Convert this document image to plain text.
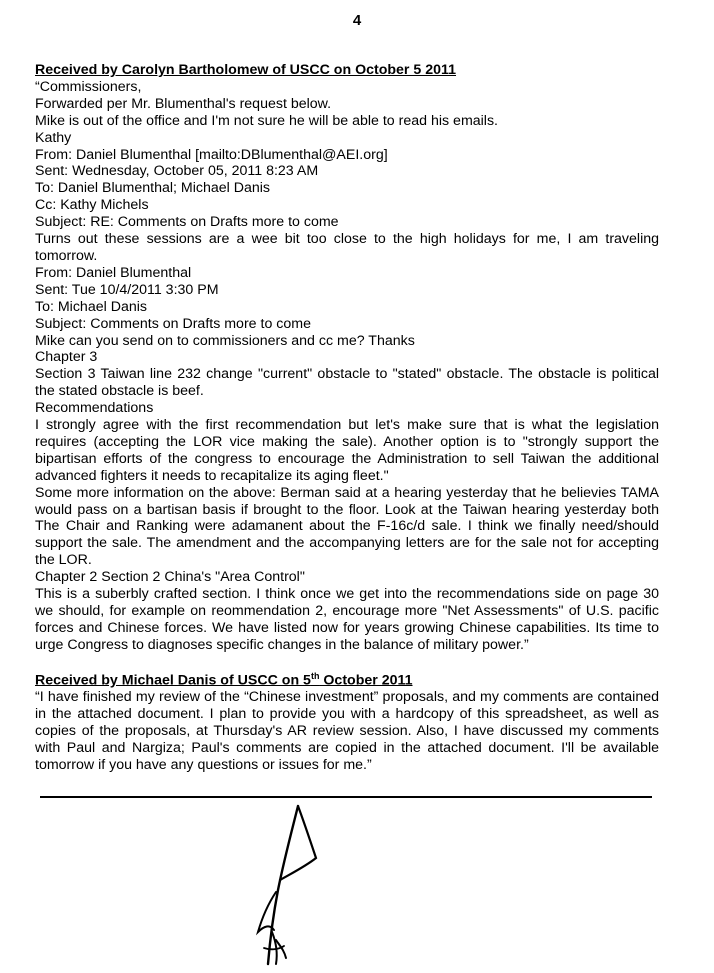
4

Received by Carolyn Bartholomew of USCC on October 5 2011

“Commissioners,

Forwarded per Mr. Blumenthal's request below.

Mike is out of the office and I'm not sure he will be able to read his emails.

Kathy

From: Daniel Blumenthal [mailto:DBlumenthal@AEI.org]

Sent: Wednesday, October 05, 2011 8:23 AM

To: Daniel Blumenthal; Michael Danis

Cc: Kathy Michels

Subject: RE: Comments on Drafts more to come

Turns out these sessions are a wee bit too close to the high holidays for me, I am traveling tomorrow.

From: Daniel Blumenthal

Sent: Tue 10/4/2011 3:30 PM

To: Michael Danis

Subject: Comments on Drafts more to come

Mike can you send on to commissioners and cc me? Thanks

Chapter 3

Section 3 Taiwan line 232 change "current" obstacle to "stated" obstacle. The obstacle is political the stated obstacle is beef.

Recommendations

I strongly agree with the first recommendation but let's make sure that is what the legislation requires (accepting the LOR vice making the sale). Another option is to "strongly support the bipartisan efforts of the congress to encourage the Administration to sell Taiwan the additional advanced fighters it needs to recapitalize its aging fleet."

Some more information on the above: Berman said at a hearing yesterday that he believies TAMA would pass on a bartisan basis if brought to the floor. Look at the Taiwan hearing yesterday both The Chair and Ranking were adamanent about the F-16c/d sale. I think we finally need/should support the sale. The amendment and the accompanying letters are for the sale not for accepting the LOR.

Chapter 2 Section 2 China's "Area Control"

This is a suberbly crafted section. I think once we get into the recommendations side on page 30 we should, for example on reommendation 2, encourage more "Net Assessments" of U.S. pacific forces and Chinese forces. We have listed now for years growing Chinese capabilities. Its time to urge Congress to diagnoses specific changes in the balance of military power.”

Received by Michael Danis of USCC on 5th October 2011

“I have finished my review of the “Chinese investment” proposals, and my comments are contained in the attached document. I plan to provide you with a hardcopy of this spreadsheet, as well as copies of the proposals, at Thursday's AR review session. Also, I have discussed my comments with Paul and Nargiza; Paul's comments are copied in the attached document. I'll be available tomorrow if you have any questions or issues for me.”
